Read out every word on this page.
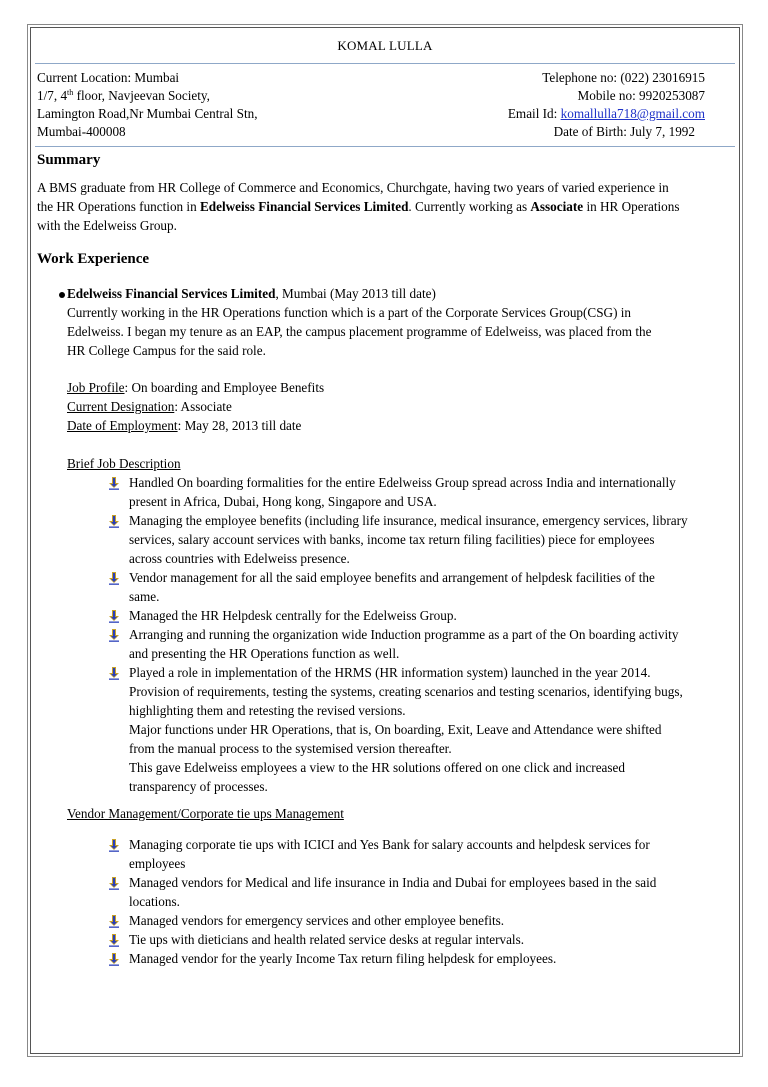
KOMAL LULLA
Current Location: Mumbai
1/7, 4th floor, Navjeevan Society,
Lamington Road,Nr Mumbai Central Stn,
Mumbai-400008
Telephone no: (022) 23016915
Mobile no: 9920253087
Email Id: komallulla718@gmail.com
Date of Birth: July 7, 1992
Summary
A BMS graduate from HR College of Commerce and Economics, Churchgate, having two years of varied experience in
the HR Operations function in Edelweiss Financial Services Limited. Currently working as Associate in HR Operations
with the Edelweiss Group.
Work Experience
Edelweiss Financial Services Limited, Mumbai (May 2013 till date)
Currently working in the HR Operations function which is a part of the Corporate Services Group(CSG) in
Edelweiss. I began my tenure as an EAP, the campus placement programme of Edelweiss, was placed from the
HR College Campus for the said role.
Job Profile: On boarding and Employee Benefits
Current Designation: Associate
Date of Employment: May 28, 2013 till date
Brief Job Description
Handled On boarding formalities for the entire Edelweiss Group spread across India and internationally
present in Africa, Dubai, Hong kong, Singapore and USA.
Managing the employee benefits (including life insurance, medical insurance, emergency services, library
services, salary account services with banks, income tax return filing facilities) piece for employees
across countries with Edelweiss presence.
Vendor management for all the said employee benefits and arrangement of helpdesk facilities of the
same.
Managed the HR Helpdesk centrally for the Edelweiss Group.
Arranging and running the organization wide Induction programme as a part of the On boarding activity
and presenting the HR Operations function as well.
Played a role in implementation of the HRMS (HR information system) launched in the year 2014.
Provision of requirements, testing the systems, creating scenarios and testing scenarios, identifying bugs,
highlighting them and retesting the revised versions.
Major functions under HR Operations, that is, On boarding, Exit, Leave and Attendance were shifted
from the manual process to the systemised version thereafter.
This gave Edelweiss employees a view to the HR solutions offered on one click and increased
transparency of processes.
Vendor Management/Corporate tie ups Management
Managing corporate tie ups with ICICI and Yes Bank for salary accounts and helpdesk services for
employees
Managed vendors for Medical and life insurance in India and Dubai for employees based in the said
locations.
Managed vendors for emergency services and other employee benefits.
Tie ups with dieticians and health related service desks at regular intervals.
Managed vendor for the yearly Income Tax return filing helpdesk for employees.
